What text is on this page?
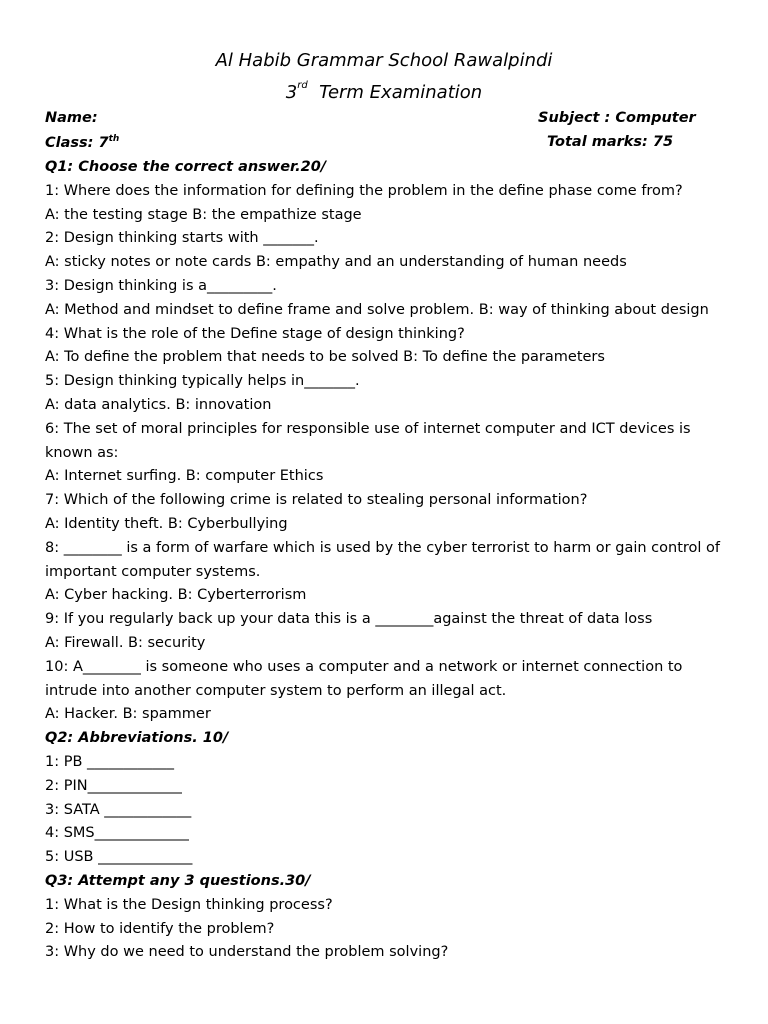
Al Habib Grammar School Rawalpindi
3rd Term Examination
Name:	Subject : Computer
Class: 7th	Total marks: 75
Q1: Choose the correct answer.20/
1: Where does the information for defining the problem in the define phase come from?
A: the testing stage B: the empathize stage
2: Design thinking starts with _______.
A: sticky notes or note cards B: empathy and an understanding of human needs
3: Design thinking is a_________.
A: Method and mindset to define frame and solve problem. B: way of thinking about design
4: What is the role of the Define stage of design thinking?
A: To define the problem that needs to be solved B: To define the parameters
5: Design thinking typically helps in_______.
A: data analytics. B: innovation
6: The set of moral principles for responsible use of internet computer and ICT devices is
known as:
A: Internet surfing. B: computer Ethics
7: Which of the following crime is related to stealing personal information?
A: Identity theft. B: Cyberbullying
8: ________ is a form of warfare which is used by the cyber terrorist to harm or gain control of
important computer systems.
A: Cyber hacking. B: Cyberterrorism
9: If you regularly back up your data this is a ________against the threat of data loss
A: Firewall. B: security
10: A________ is someone who uses a computer and a network or internet connection to
intrude into another computer system to perform an illegal act.
A: Hacker. B: spammer
Q2: Abbreviations. 10/
1: PB ____________
2: PIN_____________
3: SATA ____________
4: SMS_____________
5: USB _____________
Q3: Attempt any 3 questions.30/
1: What is the Design thinking process?
2: How to identify the problem?
3: Why do we need to understand the problem solving?
